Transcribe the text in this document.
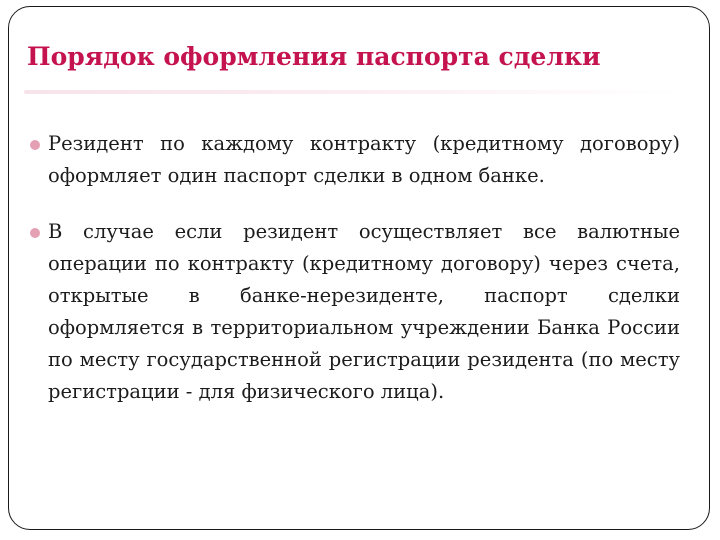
Порядок оформления паспорта сделки
Резидент по каждому контракту (кредитному договору) оформляет один паспорт сделки в одном банке.
В случае если резидент осуществляет все валютные операции по контракту (кредитному договору) через счета, открытые в банке-нерезиденте, паспорт сделки оформляется в территориальном учреждении Банка России по месту государственной регистрации резидента (по месту регистрации - для физического лица).
